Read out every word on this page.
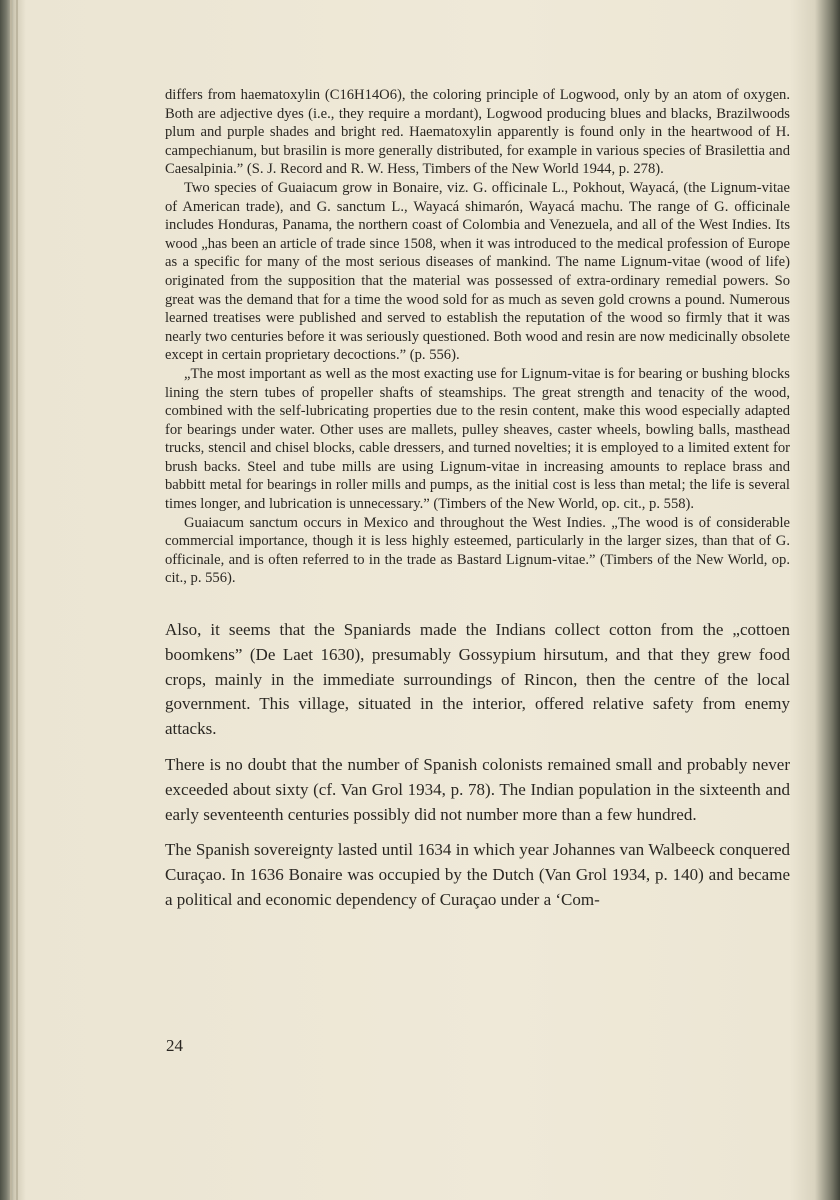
differs from haematoxylin (C16H14O6), the coloring principle of Logwood, only by an atom of oxygen. Both are adjective dyes (i.e., they require a mordant), Logwood producing blues and blacks, Brazilwoods plum and purple shades and bright red. Haematoxylin apparently is found only in the heartwood of H. campechianum, but brasilin is more generally distributed, for example in various species of Brasilettia and Caesalpinia.” (S. J. Record and R. W. Hess, Timbers of the New World 1944, p. 278).

Two species of Guaiacum grow in Bonaire, viz. G. officinale L., Pokhout, Wayacá, (the Lignum-vitae of American trade), and G. sanctum L., Wayacá shimarón, Wayacá machu. The range of G. officinale includes Honduras, Panama, the northern coast of Colombia and Venezuela, and all of the West Indies. Its wood „has been an article of trade since 1508, when it was introduced to the medical profession of Europe as a specific for many of the most serious diseases of mankind. The name Lignum-vitae (wood of life) originated from the supposition that the material was possessed of extra-ordinary remedial powers. So great was the demand that for a time the wood sold for as much as seven gold crowns a pound. Numerous learned treatises were published and served to establish the reputation of the wood so firmly that it was nearly two centuries before it was seriously questioned. Both wood and resin are now medicinally obsolete except in certain proprietary decoctions.” (p. 556).

„The most important as well as the most exacting use for Lignum-vitae is for bearing or bushing blocks lining the stern tubes of propeller shafts of steamships. The great strength and tenacity of the wood, combined with the self-lubricating properties due to the resin content, make this wood especially adapted for bearings under water. Other uses are mallets, pulley sheaves, caster wheels, bowling balls, masthead trucks, stencil and chisel blocks, cable dressers, and turned novelties; it is employed to a limited extent for brush backs. Steel and tube mills are using Lignum-vitae in increasing amounts to replace brass and babbitt metal for bearings in roller mills and pumps, as the initial cost is less than metal; the life is several times longer, and lubrication is unnecessary.” (Timbers of the New World, op. cit., p. 558).

Guaiacum sanctum occurs in Mexico and throughout the West Indies. „The wood is of considerable commercial importance, though it is less highly esteemed, particularly in the larger sizes, than that of G. officinale, and is often referred to in the trade as Bastard Lignum-vitae.” (Timbers of the New World, op. cit., p. 556).

Also, it seems that the Spaniards made the Indians collect cotton from the „cottoen boomkens” (De Laet 1630), presumably Gossypium hirsutum, and that they grew food crops, mainly in the immediate surroundings of Rincon, then the centre of the local government. This village, situated in the interior, offered relative safety from enemy attacks.

There is no doubt that the number of Spanish colonists remained small and probably never exceeded about sixty (cf. Van Grol 1934, p. 78). The Indian population in the sixteenth and early seventeenth centuries possibly did not number more than a few hundred.

The Spanish sovereignty lasted until 1634 in which year Johannes van Walbeeck conquered Curaçao. In 1636 Bonaire was occupied by the Dutch (Van Grol 1934, p. 140) and became a political and economic dependency of Curaçao under a ‘Com-

24
